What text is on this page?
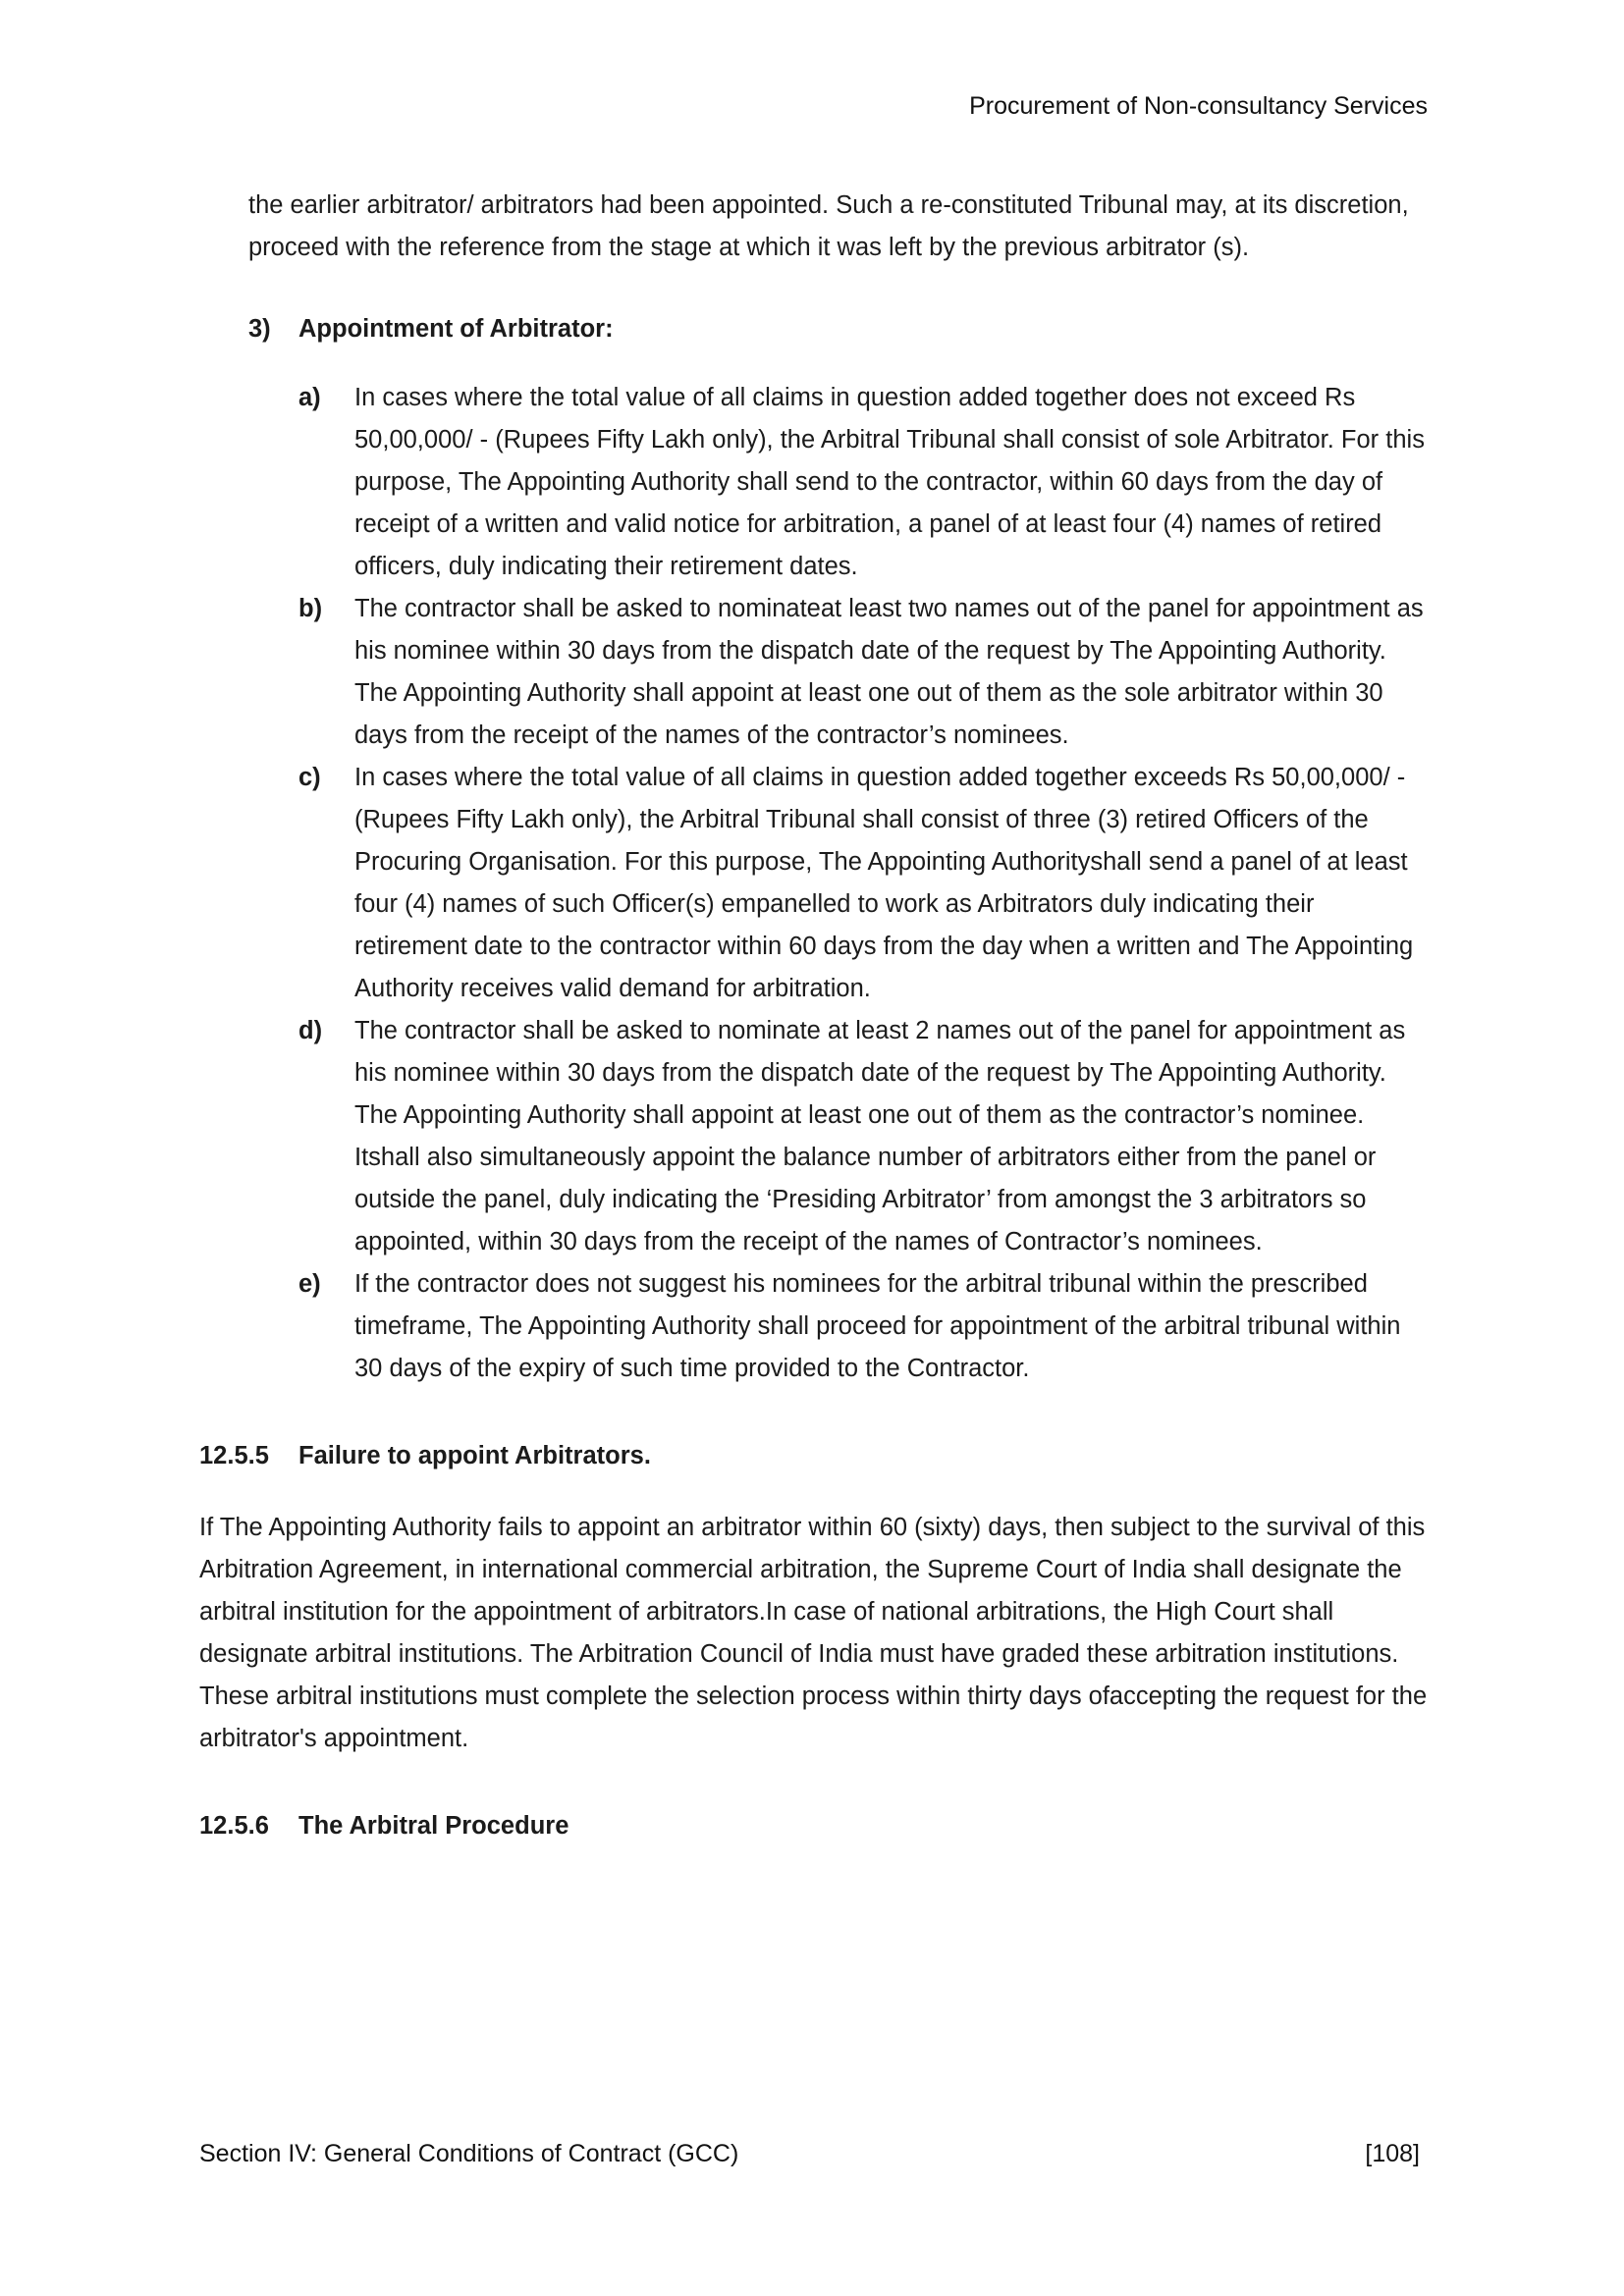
Procurement of Non-consultancy Services

the earlier arbitrator/ arbitrators had been appointed. Such a re-constituted Tribunal may, at its discretion, proceed with the reference from the stage at which it was left by the previous arbitrator (s).

3)	Appointment of Arbitrator:
a)	In cases where the total value of all claims in question added together does not exceed Rs 50,00,000/ - (Rupees Fifty Lakh only), the Arbitral Tribunal shall consist of sole Arbitrator. For this purpose, The Appointing Authority shall send to the contractor, within 60 days from the day of receipt of a written and valid notice for arbitration, a panel of at least four (4) names of retired officers, duly indicating their retirement dates.
b)	The contractor shall be asked to nominateat least two names out of the panel for appointment as his nominee within 30 days from the dispatch date of the request by The Appointing Authority. The Appointing Authority shall appoint at least one out of them as the sole arbitrator within 30 days from the receipt of the names of the contractor’s nominees.
c)	In cases where the total value of all claims in question added together exceeds Rs 50,00,000/ - (Rupees Fifty Lakh only), the Arbitral Tribunal shall consist of three (3) retired Officers of the Procuring Organisation. For this purpose, The Appointing Authorityshall send a panel of at least four (4) names of such Officer(s) empanelled to work as Arbitrators duly indicating their retirement date to the contractor within 60 days from the day when a written and The Appointing Authority receives valid demand for arbitration.
d)	The contractor shall be asked to nominate at least 2 names out of the panel for appointment as his nominee within 30 days from the dispatch date of the request by The Appointing Authority. The Appointing Authority shall appoint at least one out of them as the contractor’s nominee. Itshall also simultaneously appoint the balance number of arbitrators either from the panel or outside the panel, duly indicating the ‘Presiding Arbitrator’ from amongst the 3 arbitrators so appointed, within 30 days from the receipt of the names of Contractor’s nominees.
e)	If the contractor does not suggest his nominees for the arbitral tribunal within the prescribed timeframe, The Appointing Authority shall proceed for appointment of the arbitral tribunal within 30 days of the expiry of such time provided to the Contractor.
12.5.5	Failure to appoint Arbitrators.

If The Appointing Authority fails to appoint an arbitrator within 60 (sixty) days, then subject to the survival of this Arbitration Agreement, in international commercial arbitration, the Supreme Court of India shall designate the arbitral institution for the appointment of arbitrators.In case of national arbitrations, the High Court shall designate arbitral institutions. The Arbitration Council of India must have graded these arbitration institutions. These arbitral institutions must complete the selection process within thirty days ofaccepting the request for the arbitrator's appointment.

12.5.6	The Arbitral Procedure
Section IV: General Conditions of Contract (GCC)	[108]
